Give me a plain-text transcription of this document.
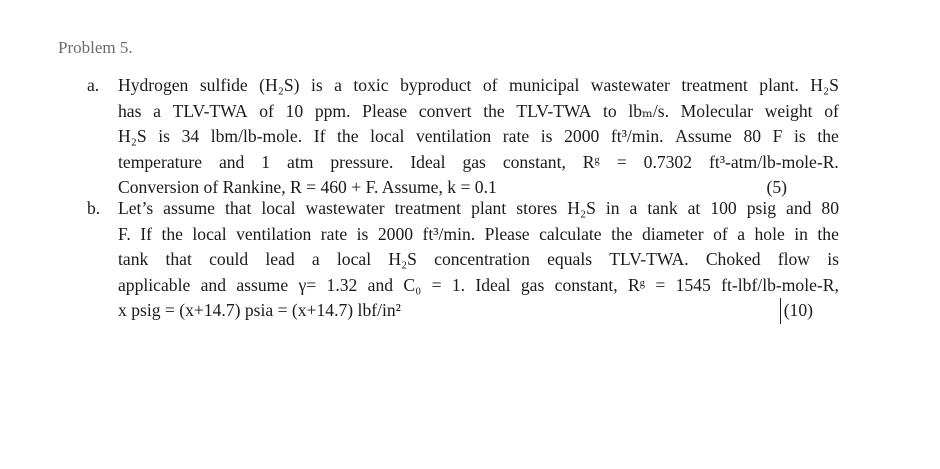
Problem 5.
a.	Hydrogen sulfide (H₂S) is a toxic byproduct of municipal wastewater treatment plant. H₂S
has a TLV-TWA of 10 ppm. Please convert the TLV-TWA to lbₘ/s. Molecular weight of
H₂S is 34 lbm/lb-mole. If the local ventilation rate is 2000 ft³/min. Assume 80 F is the
temperature and 1 atm pressure. Ideal gas constant, Rᵍ = 0.7302 ft³-atm/lb-mole-R.
Conversion of Rankine, R = 460 + F. Assume, k = 0.1	(5)
b.	Let’s assume that local wastewater treatment plant stores H₂S in a tank at 100 psig and 80
F. If the local ventilation rate is 2000 ft³/min. Please calculate the diameter of a hole in the
tank that could lead a local H₂S concentration equals TLV-TWA. Choked flow is
applicable and assume γ= 1.32 and C₀ = 1. Ideal gas constant, Rᵍ = 1545 ft-lbf/lb-mole-R,
x psig = (x+14.7) psia = (x+14.7) lbf/in²	(10)
